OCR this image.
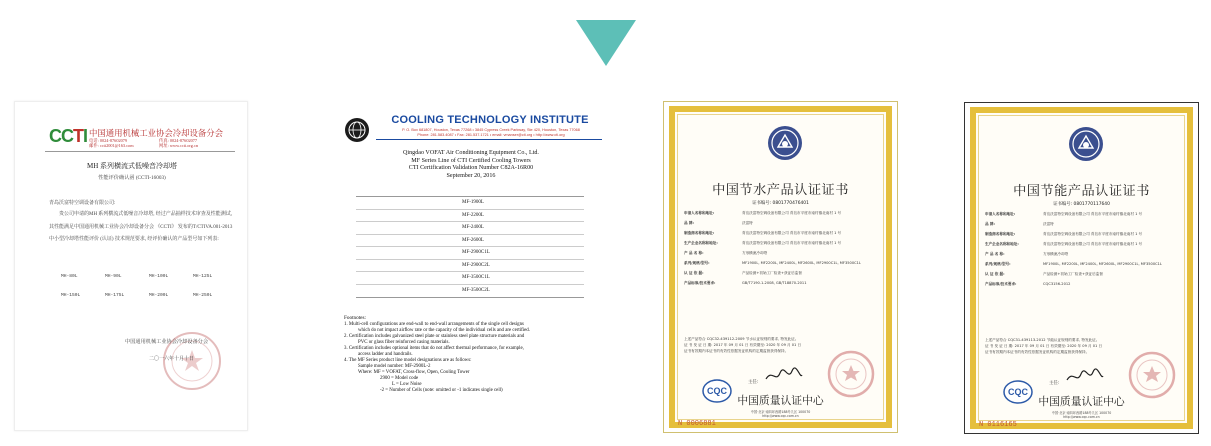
CCTI 中国通用机械工业协会冷却设备分会
电话: 0024-87602079	传真: 0024-87602077
邮件: ccti2001@163.com	网址: www.ccti.org.cn
MH 系列横流式低噪音冷却塔
性能评价确认函 (CCTI-16003)
青岛沃富特空调设备有限公司:
贵公司申请的MH 系列横流式低噪音冷却塔, 经过产品抽样技术审查及性能测试, 其性能满足中国通用机械工业协会冷却设备分会 《CCTI》 发布的T/CTIVA.001-2013 中小型冷却塔性能评价 (认证) 技术规范要求, 经评价确认的产品型号如下列表:
MH-80L	MH-90L	MH-100L	MH-125L
MH-150L	MH-175L	MH-200L	MH-250L
中国通用机械工业协会冷却设备分会
二〇一六年十月十日
COOLING TECHNOLOGY INSTITUTE
P. O. Box 681807, Houston, Texas 77268 • 3845 Cypress Creek Parkway, Ste 420, Houston, Texas 77068
Phone: 281.583.4087 • Fax: 281.537.1721 • email: vmanser@cti.org • http://www.cti.org
Qingdao VOFAT Air Conditioning Equipment Co., Ltd.
MF Series Line of CTI Certified Cooling Towers
CTI Certification Validation Number C82A-16R00
September 20, 2016
MF-1900L
MF-2200L
MF-2400L
MF-2600L
MF-2900C1L
MF-2900C2L
MF-3500C1L
MF-3500C2L
Footnotes:

1. Multi-cell configurations are end-wall to end-wall arrangements of the single cell designs

which do not impact airflow rate or the capacity of the individual cells and are certified.

2. Certification includes galvanized steel plate or stainless steel plate structure materials and

PVC or glass fiber reinforced casing materials.

3. Certification includes optional items that do not affect thermal performance, for example,

access ladder and handrails.

4. The MF Series product line model designations are as follows:

Sample model number: MF-2900L-2

Where: MF = VOFAT, Cross-flow, Open, Cooling Tower

2900 = Model code

L = Low Noise

-2 = Number of Cells (note: omitted or -1 indicates single cell)

中国节水产品认证证书
证书编号: 0801770476401
申请人名称和地址:	青岛沃富特空调设备有限公司 青岛市平度市南村镇北南村 1 号
品 牌:	沃富特
制造商名称和地址:	青岛沃富特空调设备有限公司 青岛市平度市南村镇北南村 1 号
生产企业名称和地址:	青岛沃富特空调设备有限公司 青岛市平度市南村镇北南村 1 号
产 品 名 称:	方形横流冷却塔
系列/规格/型号:	MF1900L, MF2200L, MF2400L, MF2600L, MF2900C1L, MF3500C1L
认 证 依 据:	产品检测+初始工厂检查+获证后监督
产品标准/技术要求:	GB/T7190.1-2008, GB/T18870-2011

上述产品符合 CQC32-439112-2009 节水认证规则的要求, 特发此证。

证 书 发 证 日 期: 2017 年 09 月 01 日 有效期至: 2020 年 09 月 01 日

证书有效期内本证书的有效性依据发证机构的定期监督获得保持。

CQC
主任:
中国质量认证中心
中国·北京·南四环西路188号九区 100070
http://www.cqc.com.cn
N 0006881
中国节能产品认证证书
证书编号: 0801770117640
申请人名称和地址:	青岛沃富特空调设备有限公司 青岛市平度市南村镇北南村 1 号
品 牌:	沃富特
制造商名称和地址:	青岛沃富特空调设备有限公司 青岛市平度市南村镇北南村 1 号
生产企业名称和地址:	青岛沃富特空调设备有限公司 青岛市平度市南村镇北南村 1 号
产 品 名 称:	方形横流冷却塔
系列/规格/型号:	MF1900L, MF2200L, MF2400L, MF2600L, MF2900C1L, MF3500C1L
认 证 依 据:	产品检测+初始工厂检查+获证后监督
产品标准/技术要求:	CQC3156-2012

上述产品符合 CQC31-439113-2012 节能认证规则的要求, 特发此证。

证 书 发 证 日 期: 2017 年 09 月 01 日 有效期至: 2020 年 09 月 01 日

证书有效期内本证书的有效性依据发证机构的定期监督获得保持。

CQC
主任:
中国质量认证中心
中国·北京·南四环西路188号九区 100070
http://www.cqc.com.cn
N 0116165
